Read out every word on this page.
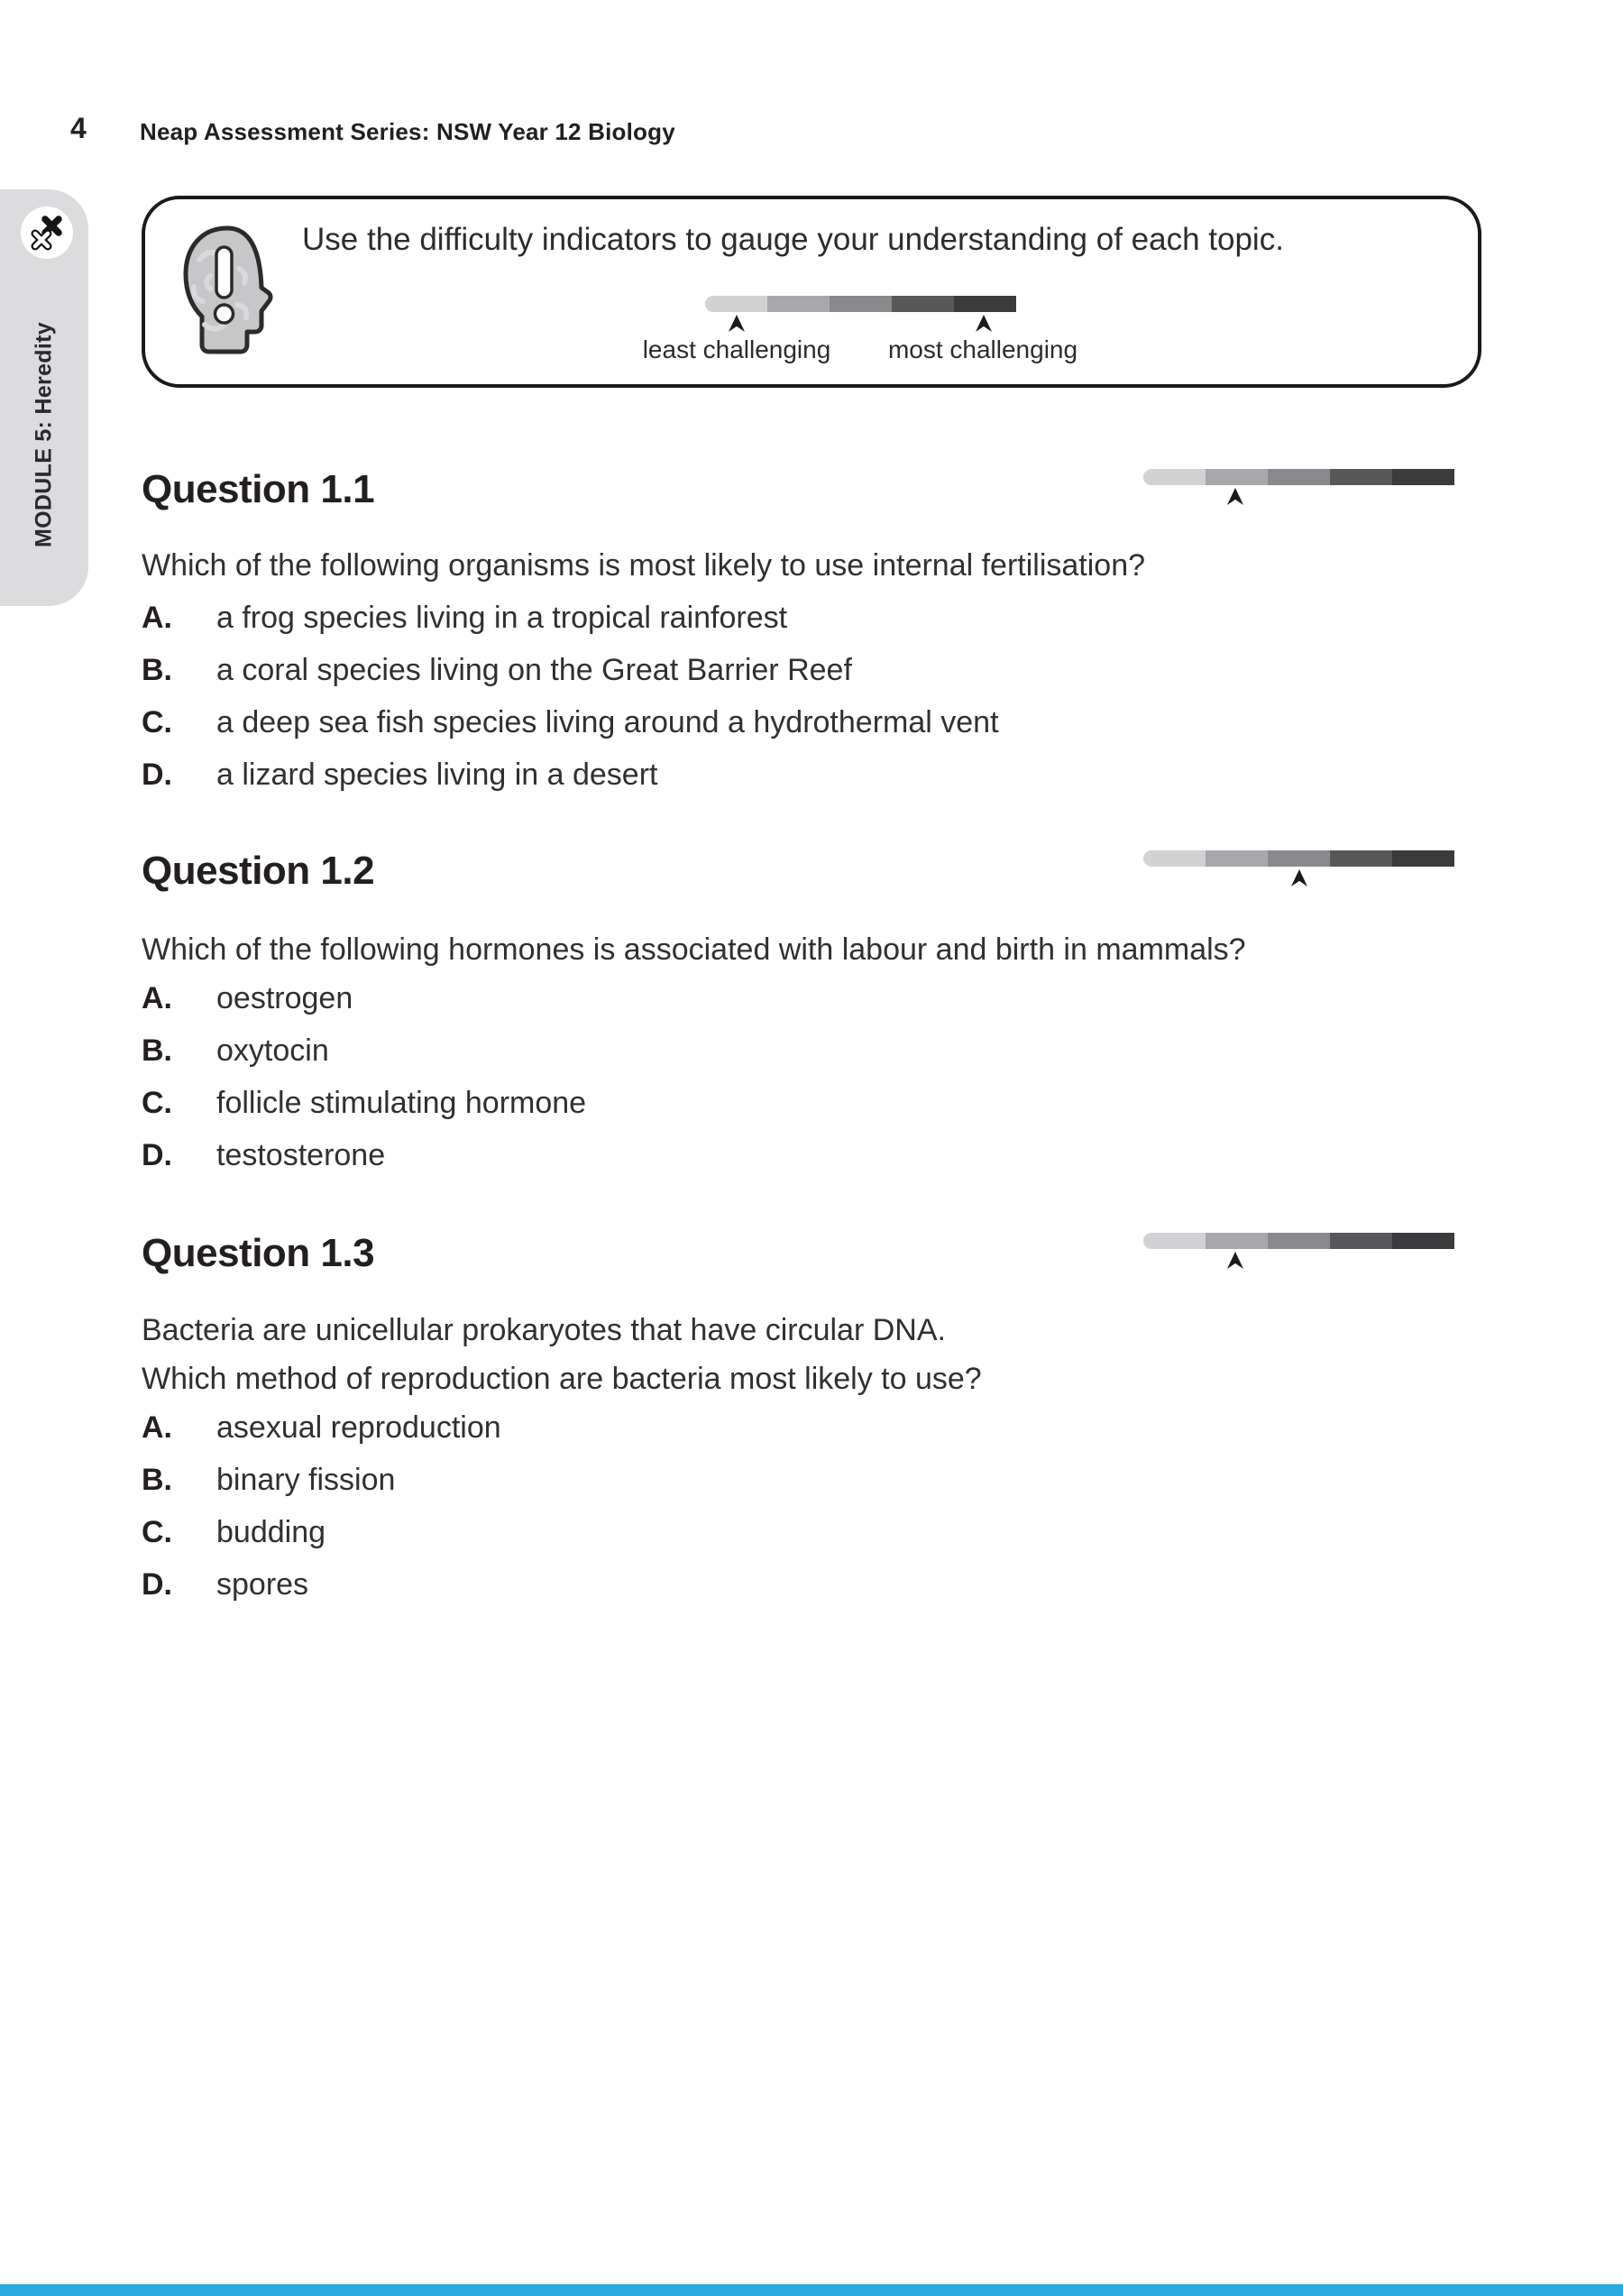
4 Neap Assessment Series: NSW Year 12 Biology
MODULE 5: Heredity
Use the difficulty indicators to gauge your understanding of each topic.
least challenging most challenging
Question 1.1
Which of the following organisms is most likely to use internal fertilisation?
A. a frog species living in a tropical rainforest
B. a coral species living on the Great Barrier Reef
C. a deep sea fish species living around a hydrothermal vent
D. a lizard species living in a desert
Question 1.2
Which of the following hormones is associated with labour and birth in mammals?
A. oestrogen
B. oxytocin
C. follicle stimulating hormone
D. testosterone
Question 1.3
Bacteria are unicellular prokaryotes that have circular DNA.
Which method of reproduction are bacteria most likely to use?
A. asexual reproduction
B. binary fission
C. budding
D. spores
